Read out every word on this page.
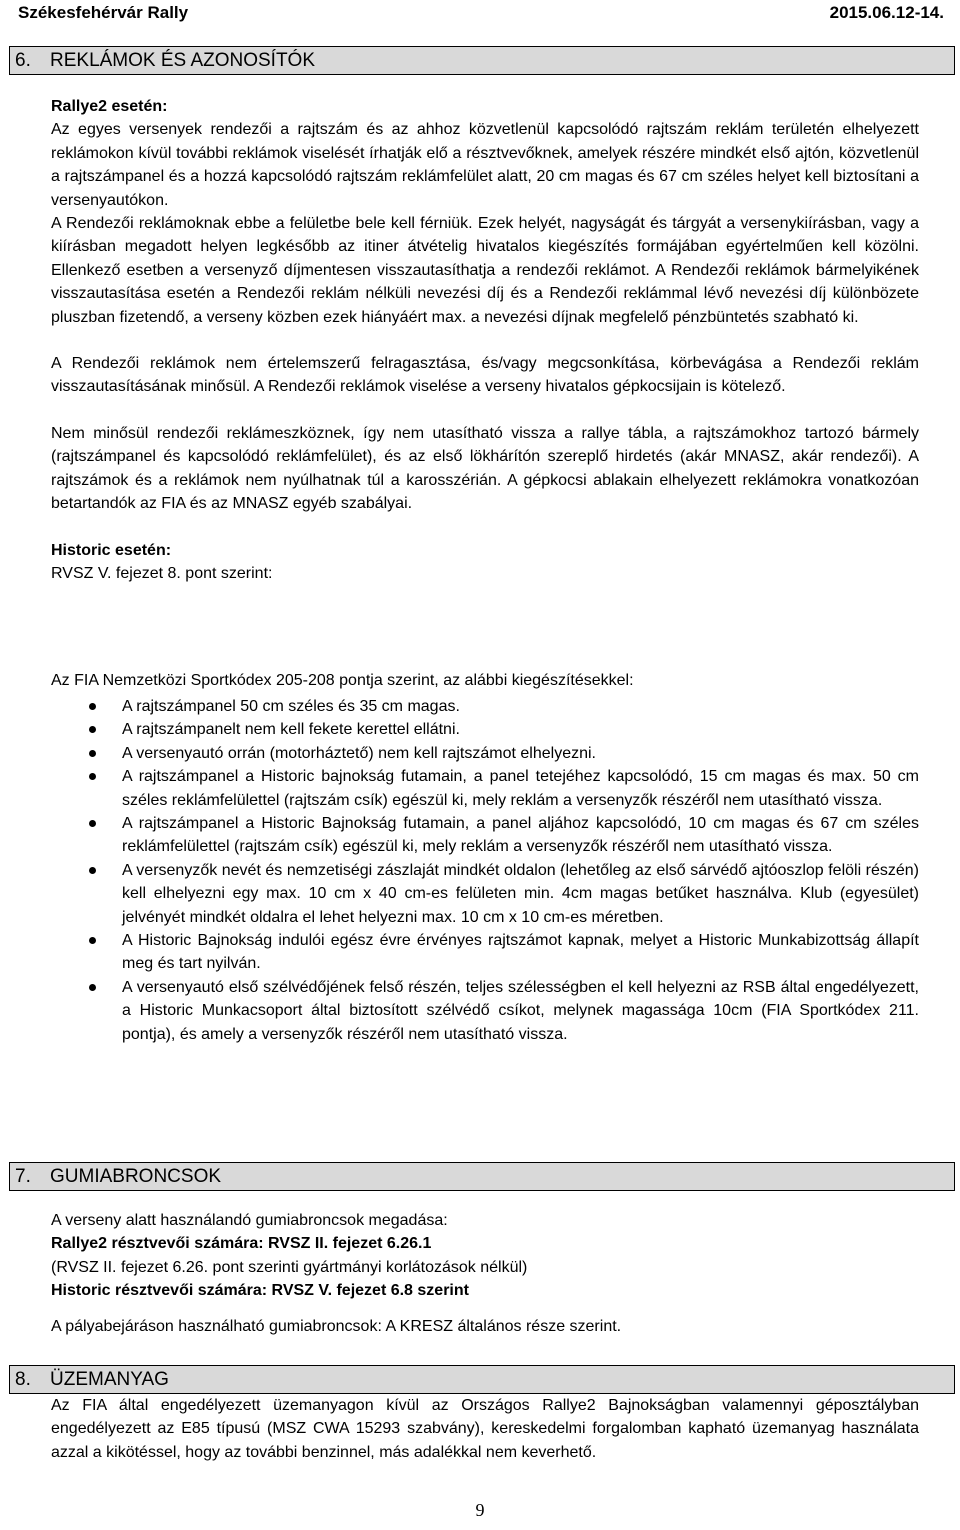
Székesfehérvár Rally	2015.06.12-14.
6. REKLÁMOK ÉS AZONOSÍTÓK

Rallye2 esetén:

Az egyes versenyek rendezői a rajtszám és az ahhoz közvetlenül kapcsolódó rajtszám reklám területén elhelyezett reklámokon kívül további reklámok viselését írhatják elő a résztvevőknek, amelyek részére mindkét első ajtón, közvetlenül a rajtszámpanel és a hozzá kapcsolódó rajtszám reklámfelület alatt, 20 cm magas és 67 cm széles helyet kell biztosítani a versenyautókon.

A Rendezői reklámoknak ebbe a felületbe bele kell férniük. Ezek helyét, nagyságát és tárgyát a versenykiírásban, vagy a kiírásban megadott helyen legkésőbb az itiner átvételig hivatalos kiegészítés formájában egyértelműen kell közölni. Ellenkező esetben a versenyző díjmentesen visszautasíthatja a rendezői reklámot. A Rendezői reklámok bármelyikének visszautasítása esetén a Rendezői reklám nélküli nevezési díj és a Rendezői reklámmal lévő nevezési díj különbözete pluszban fizetendő, a verseny közben ezek hiányáért max. a nevezési díjnak megfelelő pénzbüntetés szabható ki.

A Rendezői reklámok nem értelemszerű felragasztása, és/vagy megcsonkítása, körbevágása a Rendezői reklám visszautasításának minősül. A Rendezői reklámok viselése a verseny hivatalos gépkocsijain is kötelező.

Nem minősül rendezői reklámeszköznek, így nem utasítható vissza a rallye tábla, a rajtszámokhoz tartozó bármely (rajtszámpanel és kapcsolódó reklámfelület), és az első lökhárítón szereplő hirdetés (akár MNASZ, akár rendezői). A rajtszámok és a reklámok nem nyúlhatnak túl a karosszérián. A gépkocsi ablakain elhelyezett reklámokra vonatkozóan betartandók az FIA és az MNASZ egyéb szabályai.

Historic esetén:

RVSZ V. fejezet 8. pont szerint:

Az FIA Nemzetközi Sportkódex 205-208 pontja szerint, az alábbi kiegészítésekkel:

A rajtszámpanel 50 cm széles és 35 cm magas.
A rajtszámpanelt nem kell fekete kerettel ellátni.
A versenyautó orrán (motorháztető) nem kell rajtszámot elhelyezni.
A rajtszámpanel a Historic bajnokság futamain, a panel tetejéhez kapcsolódó, 15 cm magas és max. 50 cm széles reklámfelülettel (rajtszám csík) egészül ki, mely reklám a versenyzők részéről nem utasítható vissza.
A rajtszámpanel a Historic Bajnokság futamain, a panel aljához kapcsolódó, 10 cm magas és 67 cm széles reklámfelülettel (rajtszám csík) egészül ki, mely reklám a versenyzők részéről nem utasítható vissza.
A versenyzők nevét és nemzetiségi zászlaját mindkét oldalon (lehetőleg az első sárvédő ajtóoszlop felöli részén) kell elhelyezni egy max. 10 cm x 40 cm-es felületen min. 4cm magas betűket használva. Klub (egyesület) jelvényét mindkét oldalra el lehet helyezni max. 10 cm x 10 cm-es méretben.
A Historic Bajnokság indulói egész évre érvényes rajtszámot kapnak, melyet a Historic Munkabizottság állapít meg és tart nyilván.
A versenyautó első szélvédőjének felső részén, teljes szélességben el kell helyezni az RSB által engedélyezett, a Historic Munkacsoport által biztosított szélvédő csíkot, melynek magassága 10cm (FIA Sportkódex 211. pontja), és amely a versenyzők részéről nem utasítható vissza.
7. GUMIABRONCSOK

A verseny alatt használandó gumiabroncsok megadása:

Rallye2 résztvevői számára: RVSZ II. fejezet 6.26.1

(RVSZ II. fejezet 6.26. pont szerinti gyártmányi korlátozások nélkül)

Historic résztvevői számára: RVSZ V. fejezet 6.8 szerint

A pályabejáráson használható gumiabroncsok: A KRESZ általános része szerint.

8. ÜZEMANYAG

Az FIA által engedélyezett üzemanyagon kívül az Országos Rallye2 Bajnokságban valamennyi géposztályban engedélyezett az E85 típusú (MSZ CWA 15293 szabvány), kereskedelmi forgalomban kapható üzemanyag használata azzal a kikötéssel, hogy az további benzinnel, más adalékkal nem keverhető.

9
